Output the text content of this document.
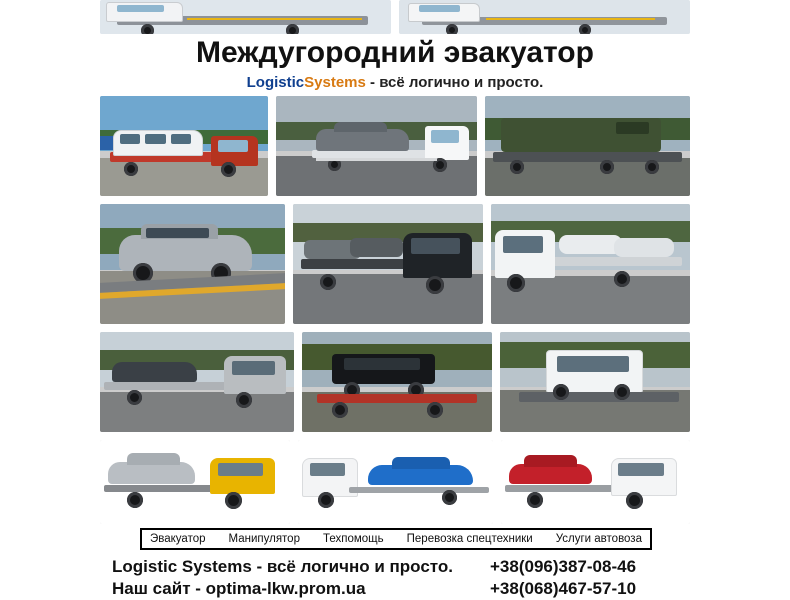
Междугородний эвакуатор
LogisticSystems - всё логично и просто.
Эвакуатор Манипулятор Техпомощь Перевозка спецтехники Услуги автовоза
Logistic Systems - всё логично и просто.
Наш сайт - optima-lkw.prom.ua
+38(096)387-08-46
+38(068)467-57-10
